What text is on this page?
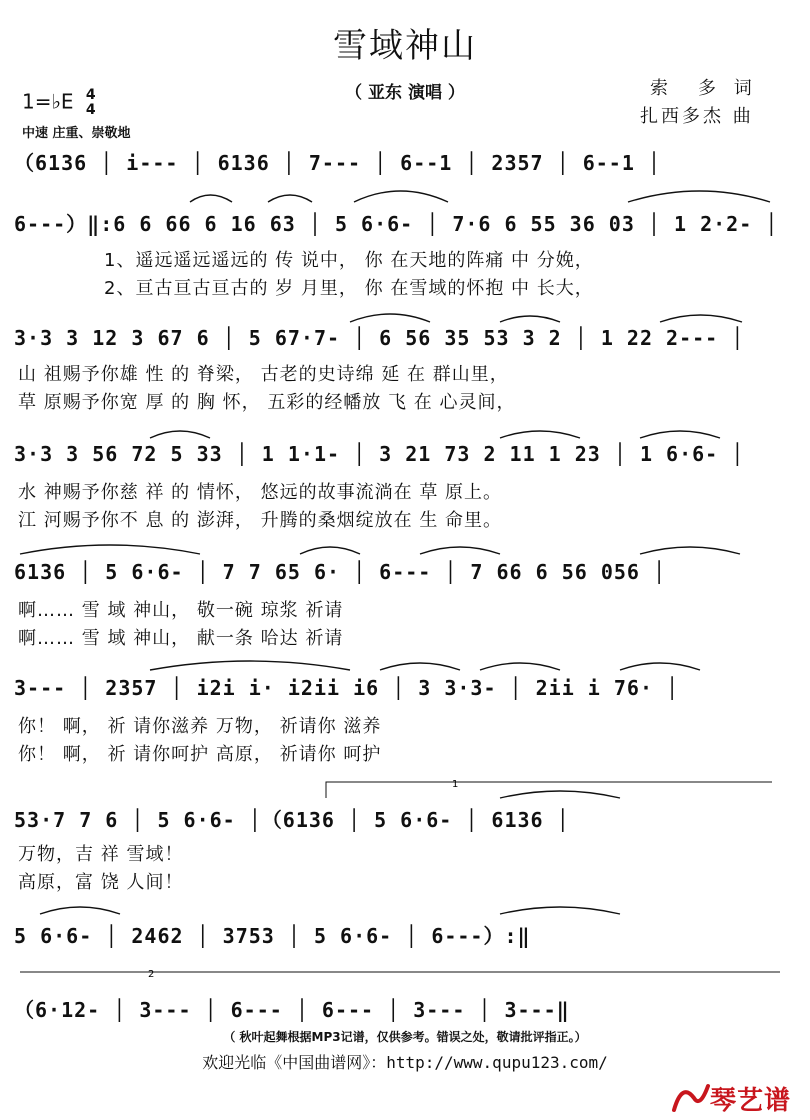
雪域神山
（ 亚东 演唱 ）	索　多 词
扎西多杰 曲
1=♭E 4
4
中速 庄重、崇敬地
（6136 │ i--- │ 6136 │ 7--- │ 6--1 │ 2357 │ 6--1 │
6---）‖:6 6 66 6 16 63 │ 5 6·6- │ 7·6 6 55 36 03 │ 1 2·2- │
1、遥远遥远遥远的 传 说中， 你 在天地的阵痛 中 分娩，
2、亘古亘古亘古的 岁 月里， 你 在雪域的怀抱 中 长大，
3·3 3 12 3 67 6 │ 5 67·7- │ 6 56 35 53 3 2 │ 1 22 2--- │
山 祖赐予你雄 性 的 脊梁， 古老的史诗绵 延 在 群山里，
草 原赐予你宽 厚 的 胸 怀， 五彩的经幡放 飞 在 心灵间，
3·3 3 56 72 5 33 │ 1 1·1- │ 3 21 73 2 11 1 23 │ 1 6·6- │
水 神赐予你慈 祥 的 情怀， 悠远的故事流淌在 草 原上。
江 河赐予你不 息 的 澎湃， 升腾的桑烟绽放在 生 命里。
6136 │ 5 6·6- │ 7 7 65 6· │ 6--- │ 7 66 6 56 056 │
啊…… 雪 域 神山， 敬一碗 琼浆 祈请
啊…… 雪 域 神山， 献一条 哈达 祈请
3--- │ 2357 │ i2i i· i2ii i6 │ 3 3·3- │ 2ii i 76· │
你！ 啊， 祈 请你滋养 万物， 祈请你 滋养
你！ 啊， 祈 请你呵护 高原， 祈请你 呵护
53·7 7 6 │ 5 6·6- │（6136 │ 5 6·6- │ 6136 │
万物，吉 祥 雪域！
高原，富 饶 人间！
5 6·6- │ 2462 │ 3753 │ 5 6·6- │ 6---）:‖
（6·12- │ 3--- │ 6--- │ 6--- │ 3--- │ 3---‖
1
2
（ 秋叶起舞根据MP3记谱，仅供参考。错误之处，敬请批评指正。）
欢迎光临《中国曲谱网》：http://www.qupu123.com/
琴艺谱
